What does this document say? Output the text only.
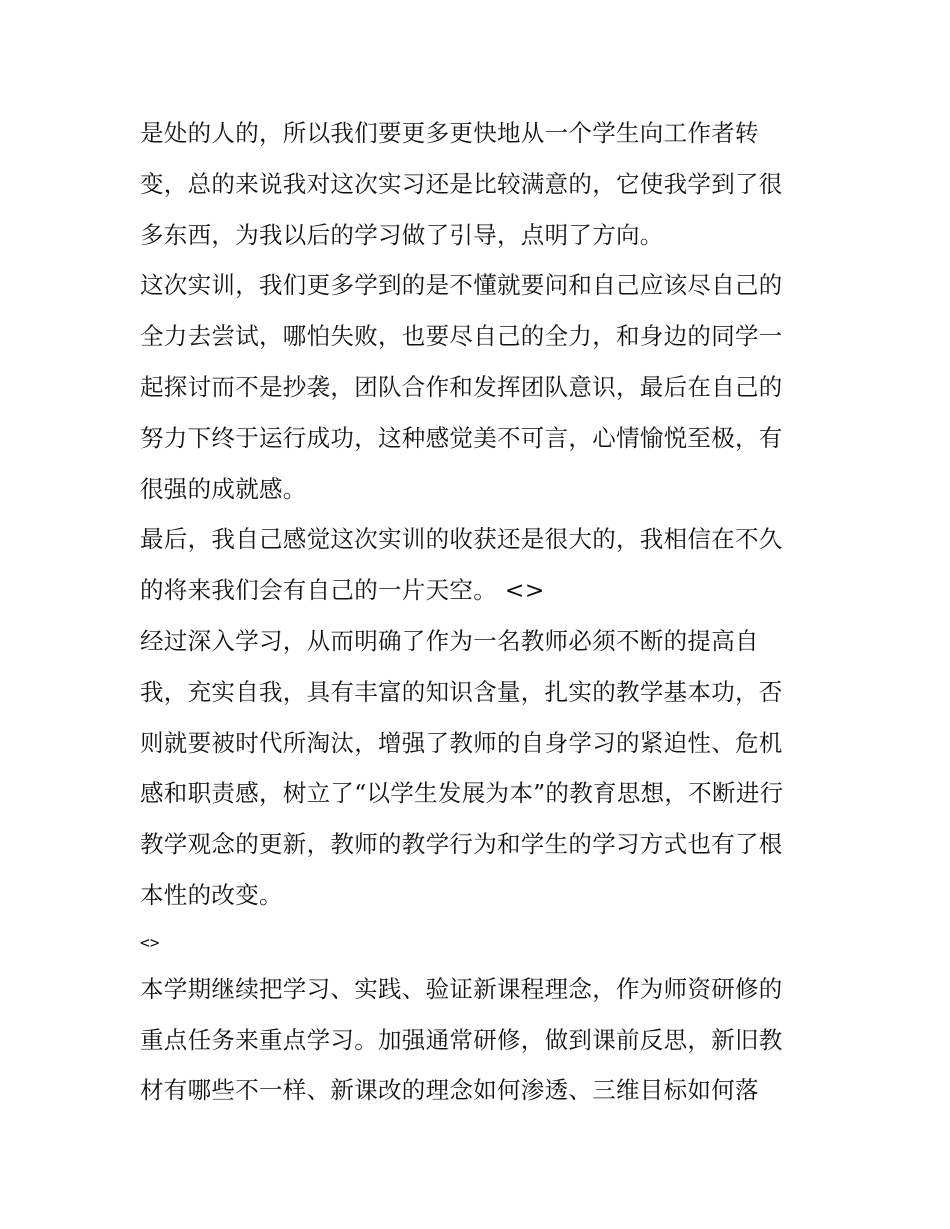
是处的人的，所以我们要更多更快地从一个学生向工作者转
变，总的来说我对这次实习还是比较满意的，它使我学到了很
多东西，为我以后的学习做了引导，点明了方向。
这次实训，我们更多学到的是不懂就要问和自己应该尽自己的
全力去尝试，哪怕失败，也要尽自己的全力，和身边的同学一
起探讨而不是抄袭，团队合作和发挥团队意识，最后在自己的
努力下终于运行成功，这种感觉美不可言，心情愉悦至极，有
很强的成就感。
最后，我自己感觉这次实训的收获还是很大的，我相信在不久
的将来我们会有自己的一片天空。 <>
经过深入学习，从而明确了作为一名教师必须不断的提高自
我，充实自我，具有丰富的知识含量，扎实的教学基本功，否
则就要被时代所淘汰，增强了教师的自身学习的紧迫性、危机
感和职责感，树立了“以学生发展为本”的教育思想，不断进行
教学观念的更新，教师的教学行为和学生的学习方式也有了根
本性的改变。
<>
本学期继续把学习、实践、验证新课程理念，作为师资研修的
重点任务来重点学习。加强通常研修，做到课前反思，新旧教
材有哪些不一样、新课改的理念如何渗透、三维目标如何落
